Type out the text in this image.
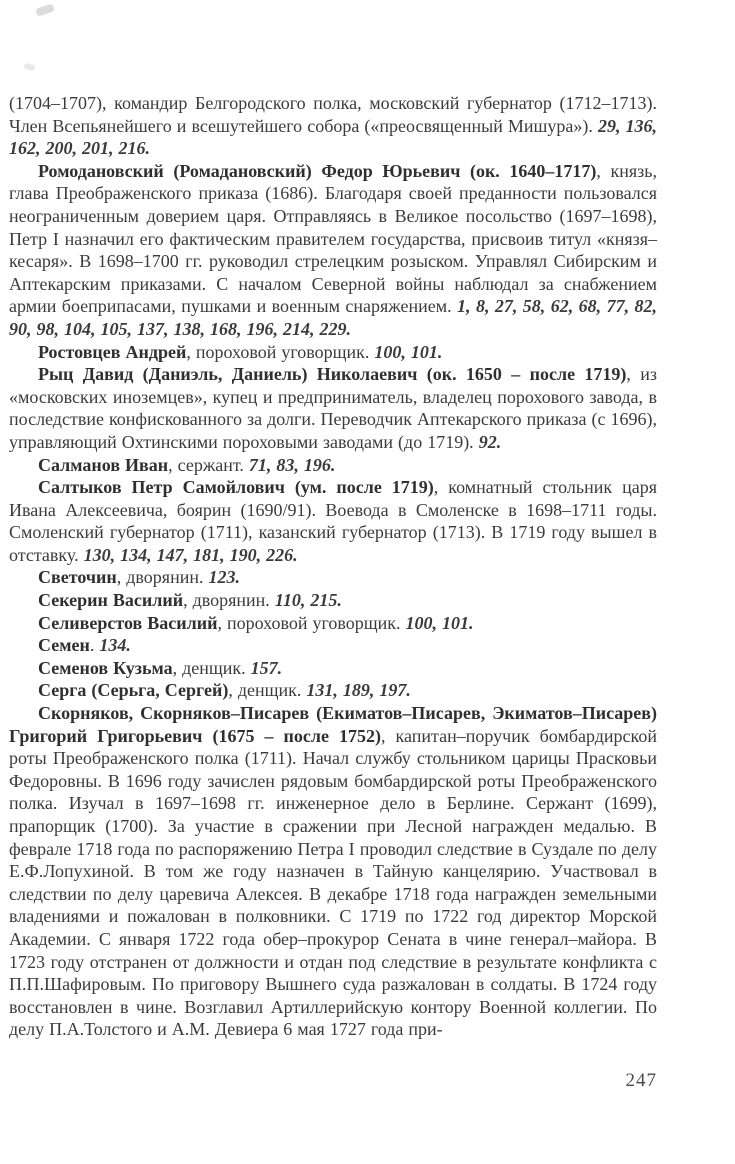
(1704–1707), командир Белгородского полка, московский губернатор (1712–1713). Член Всепьянейшего и всешутейшего собора («преосвященный Мишура»). 29, 136, 162, 200, 201, 216.

Ромодановский (Ромадановский) Федор Юрьевич (ок. 1640–1717), князь, глава Преображенского приказа (1686). Благодаря своей преданности пользовался неограниченным доверием царя. Отправляясь в Великое посольство (1697–1698), Петр I назначил его фактическим правителем государства, присвоив титул «князя–кесаря». В 1698–1700 гг. руководил стрелецким розыском. Управлял Сибирским и Аптекарским приказами. С началом Северной войны наблюдал за снабжением армии боеприпасами, пушками и военным снаряжением. 1, 8, 27, 58, 62, 68, 77, 82, 90, 98, 104, 105, 137, 138, 168, 196, 214, 229.

Ростовцев Андрей, пороховой уговорщик. 100, 101.

Рыц Давид (Даниэль, Даниель) Николаевич (ок. 1650 – после 1719), из «московских иноземцев», купец и предприниматель, владелец порохового завода, в последствие конфискованного за долги. Переводчик Аптекарского приказа (с 1696), управляющий Охтинскими пороховыми заводами (до 1719). 92.

Салманов Иван, сержант. 71, 83, 196.

Салтыков Петр Самойлович (ум. после 1719), комнатный стольник царя Ивана Алексеевича, боярин (1690/91). Воевода в Смоленске в 1698–1711 годы. Смоленский губернатор (1711), казанский губернатор (1713). В 1719 году вышел в отставку. 130, 134, 147, 181, 190, 226.

Светочин, дворянин. 123.

Секерин Василий, дворянин. 110, 215.

Селиверстов Василий, пороховой уговорщик. 100, 101.

Семен. 134.

Семенов Кузьма, денщик. 157.

Серга (Серьга, Сергей), денщик. 131, 189, 197.

Скорняков, Скорняков–Писарев (Екиматов–Писарев, Экиматов–Писарев) Григорий Григорьевич (1675 – после 1752), капитан–поручик бомбардирской роты Преображенского полка (1711). Начал службу стольником царицы Прасковьи Федоровны. В 1696 году зачислен рядовым бомбардирской роты Преображенского полка. Изучал в 1697–1698 гг. инженерное дело в Берлине. Сержант (1699), прапорщик (1700). За участие в сражении при Лесной награжден медалью. В феврале 1718 года по распоряжению Петра I проводил следствие в Суздале по делу Е.Ф.Лопухиной. В том же году назначен в Тайную канцелярию. Участвовал в следствии по делу царевича Алексея. В декабре 1718 года награжден земельными владениями и пожалован в полковники. С 1719 по 1722 год директор Морской Академии. С января 1722 года обер–прокурор Сената в чине генерал–майора. В 1723 году отстранен от должности и отдан под следствие в результате конфликта с П.П.Шафировым. По приговору Вышнего суда разжалован в солдаты. В 1724 году восстановлен в чине. Возглавил Артиллерийскую контору Военной коллегии. По делу П.А.Толстого и А.М. Девиера 6 мая 1727 года при-

247
